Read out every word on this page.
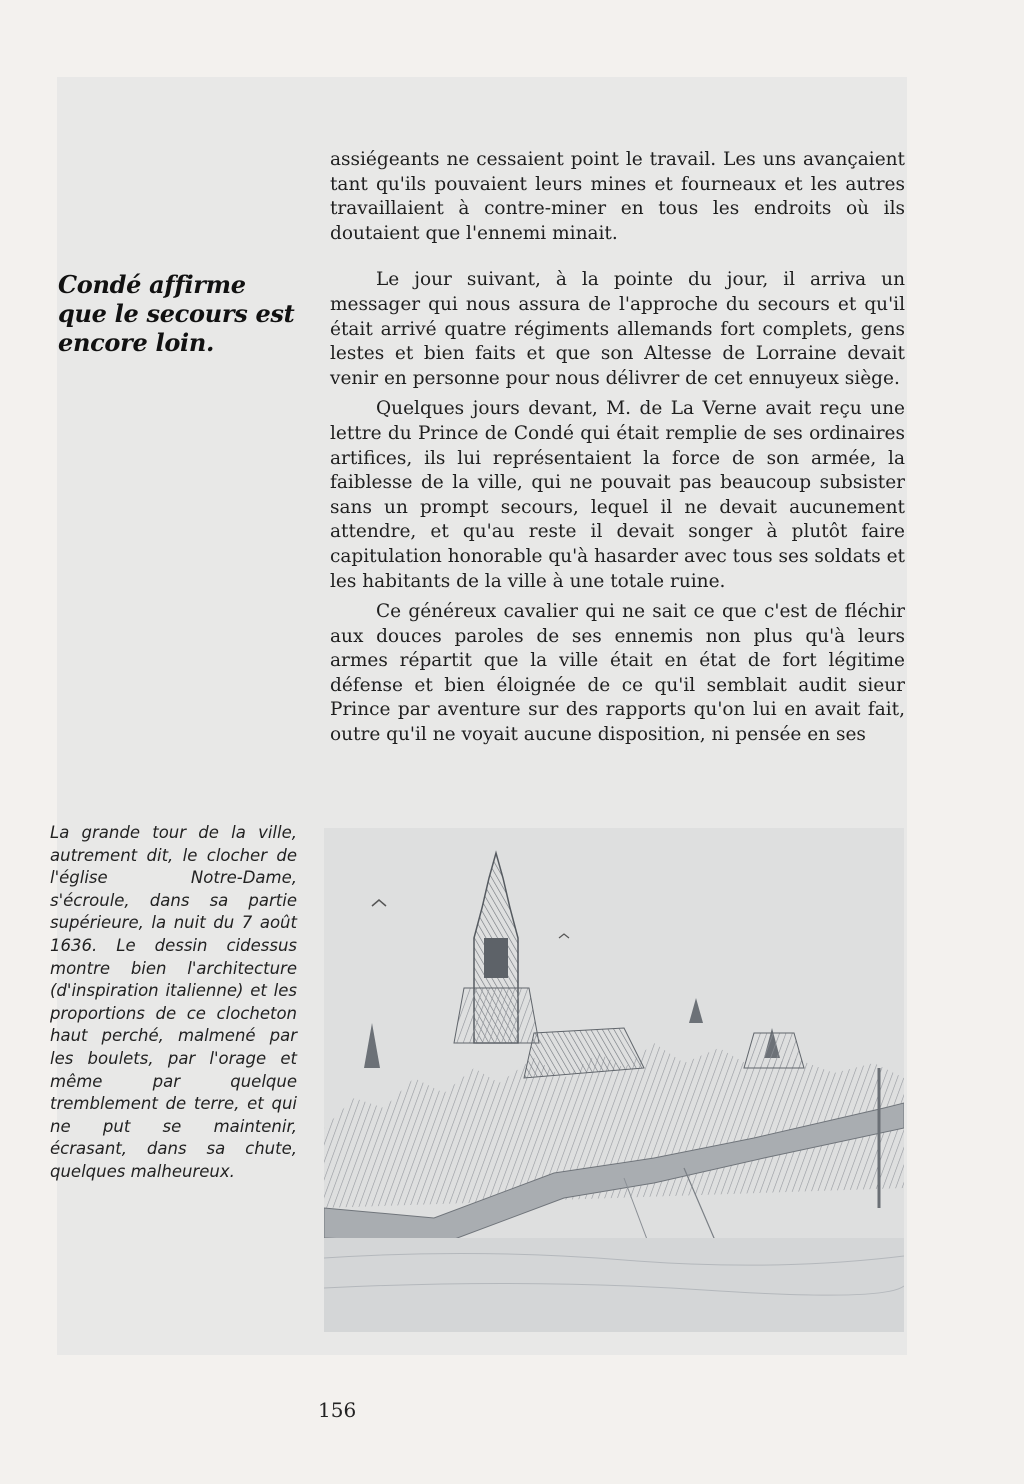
Condé affirme que le secours est encore loin.

assiégeants ne cessaient point le travail. Les uns avançaient tant qu'ils pouvaient leurs mines et fourneaux et les autres travaillaient à contre-miner en tous les endroits où ils doutaient que l'ennemi minait.

Le jour suivant, à la pointe du jour, il arriva un messager qui nous assura de l'approche du secours et qu'il était arrivé quatre régiments allemands fort complets, gens lestes et bien faits et que son Altesse de Lorraine devait venir en personne pour nous délivrer de cet ennuyeux siège.

Quelques jours devant, M. de La Verne avait reçu une lettre du Prince de Condé qui était remplie de ses ordinaires artifices, ils lui représentaient la force de son armée, la faiblesse de la ville, qui ne pouvait pas beaucoup subsister sans un prompt secours, lequel il ne devait aucunement attendre, et qu'au reste il devait songer à plutôt faire capitulation honorable qu'à hasarder avec tous ses soldats et les habitants de la ville à une totale ruine.

Ce généreux cavalier qui ne sait ce que c'est de fléchir aux douces paroles de ses ennemis non plus qu'à leurs armes répartit que la ville était en état de fort légitime défense et bien éloignée de ce qu'il semblait audit sieur Prince par aventure sur des rapports qu'on lui en avait fait, outre qu'il ne voyait aucune disposition, ni pensée en ses

La grande tour de la ville, autrement dit, le clocher de l'église Notre-Dame, s'écroule, dans sa partie supérieure, la nuit du 7 août 1636. Le dessin cidessus montre bien l'architecture (d'inspiration italienne) et les proportions de ce clocheton haut perché, malmené par les boulets, par l'orage et même par quelque tremblement de terre, et qui ne put se maintenir, écrasant, dans sa chute, quelques malheureux.
156
